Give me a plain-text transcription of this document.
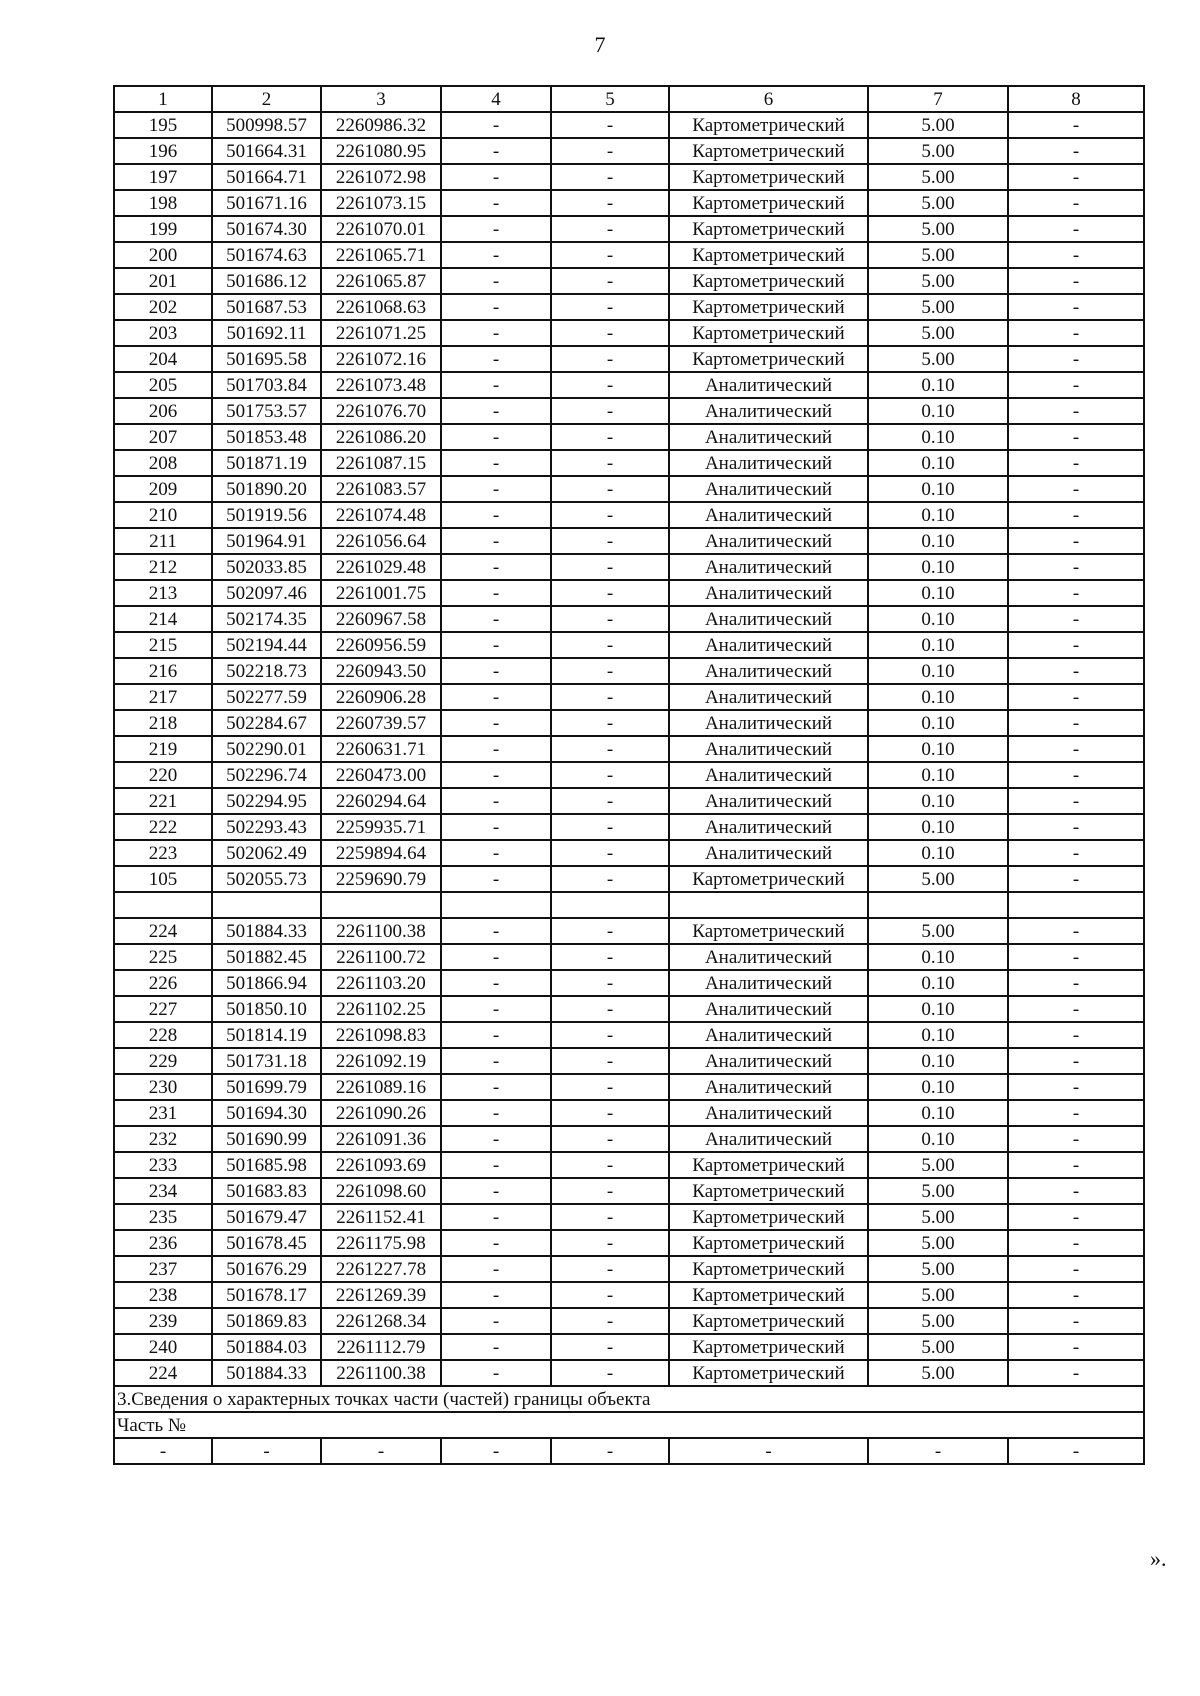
7
1	2	3	4	5	6	7	8
195	500998.57	2260986.32	-	-	Картометрический	5.00	-
196	501664.31	2261080.95	-	-	Картометрический	5.00	-
197	501664.71	2261072.98	-	-	Картометрический	5.00	-
198	501671.16	2261073.15	-	-	Картометрический	5.00	-
199	501674.30	2261070.01	-	-	Картометрический	5.00	-
200	501674.63	2261065.71	-	-	Картометрический	5.00	-
201	501686.12	2261065.87	-	-	Картометрический	5.00	-
202	501687.53	2261068.63	-	-	Картометрический	5.00	-
203	501692.11	2261071.25	-	-	Картометрический	5.00	-
204	501695.58	2261072.16	-	-	Картометрический	5.00	-
205	501703.84	2261073.48	-	-	Аналитический	0.10	-
206	501753.57	2261076.70	-	-	Аналитический	0.10	-
207	501853.48	2261086.20	-	-	Аналитический	0.10	-
208	501871.19	2261087.15	-	-	Аналитический	0.10	-
209	501890.20	2261083.57	-	-	Аналитический	0.10	-
210	501919.56	2261074.48	-	-	Аналитический	0.10	-
211	501964.91	2261056.64	-	-	Аналитический	0.10	-
212	502033.85	2261029.48	-	-	Аналитический	0.10	-
213	502097.46	2261001.75	-	-	Аналитический	0.10	-
214	502174.35	2260967.58	-	-	Аналитический	0.10	-
215	502194.44	2260956.59	-	-	Аналитический	0.10	-
216	502218.73	2260943.50	-	-	Аналитический	0.10	-
217	502277.59	2260906.28	-	-	Аналитический	0.10	-
218	502284.67	2260739.57	-	-	Аналитический	0.10	-
219	502290.01	2260631.71	-	-	Аналитический	0.10	-
220	502296.74	2260473.00	-	-	Аналитический	0.10	-
221	502294.95	2260294.64	-	-	Аналитический	0.10	-
222	502293.43	2259935.71	-	-	Аналитический	0.10	-
223	502062.49	2259894.64	-	-	Аналитический	0.10	-
105	502055.73	2259690.79	-	-	Картометрический	5.00	-

224	501884.33	2261100.38	-	-	Картометрический	5.00	-
225	501882.45	2261100.72	-	-	Аналитический	0.10	-
226	501866.94	2261103.20	-	-	Аналитический	0.10	-
227	501850.10	2261102.25	-	-	Аналитический	0.10	-
228	501814.19	2261098.83	-	-	Аналитический	0.10	-
229	501731.18	2261092.19	-	-	Аналитический	0.10	-
230	501699.79	2261089.16	-	-	Аналитический	0.10	-
231	501694.30	2261090.26	-	-	Аналитический	0.10	-
232	501690.99	2261091.36	-	-	Аналитический	0.10	-
233	501685.98	2261093.69	-	-	Картометрический	5.00	-
234	501683.83	2261098.60	-	-	Картометрический	5.00	-
235	501679.47	2261152.41	-	-	Картометрический	5.00	-
236	501678.45	2261175.98	-	-	Картометрический	5.00	-
237	501676.29	2261227.78	-	-	Картометрический	5.00	-
238	501678.17	2261269.39	-	-	Картометрический	5.00	-
239	501869.83	2261268.34	-	-	Картометрический	5.00	-
240	501884.03	2261112.79	-	-	Картометрический	5.00	-
224	501884.33	2261100.38	-	-	Картометрический	5.00	-
3.Сведения о характерных точках части (частей) границы объекта							
Часть №							
-	-	-	-	-	-	-	-
».
